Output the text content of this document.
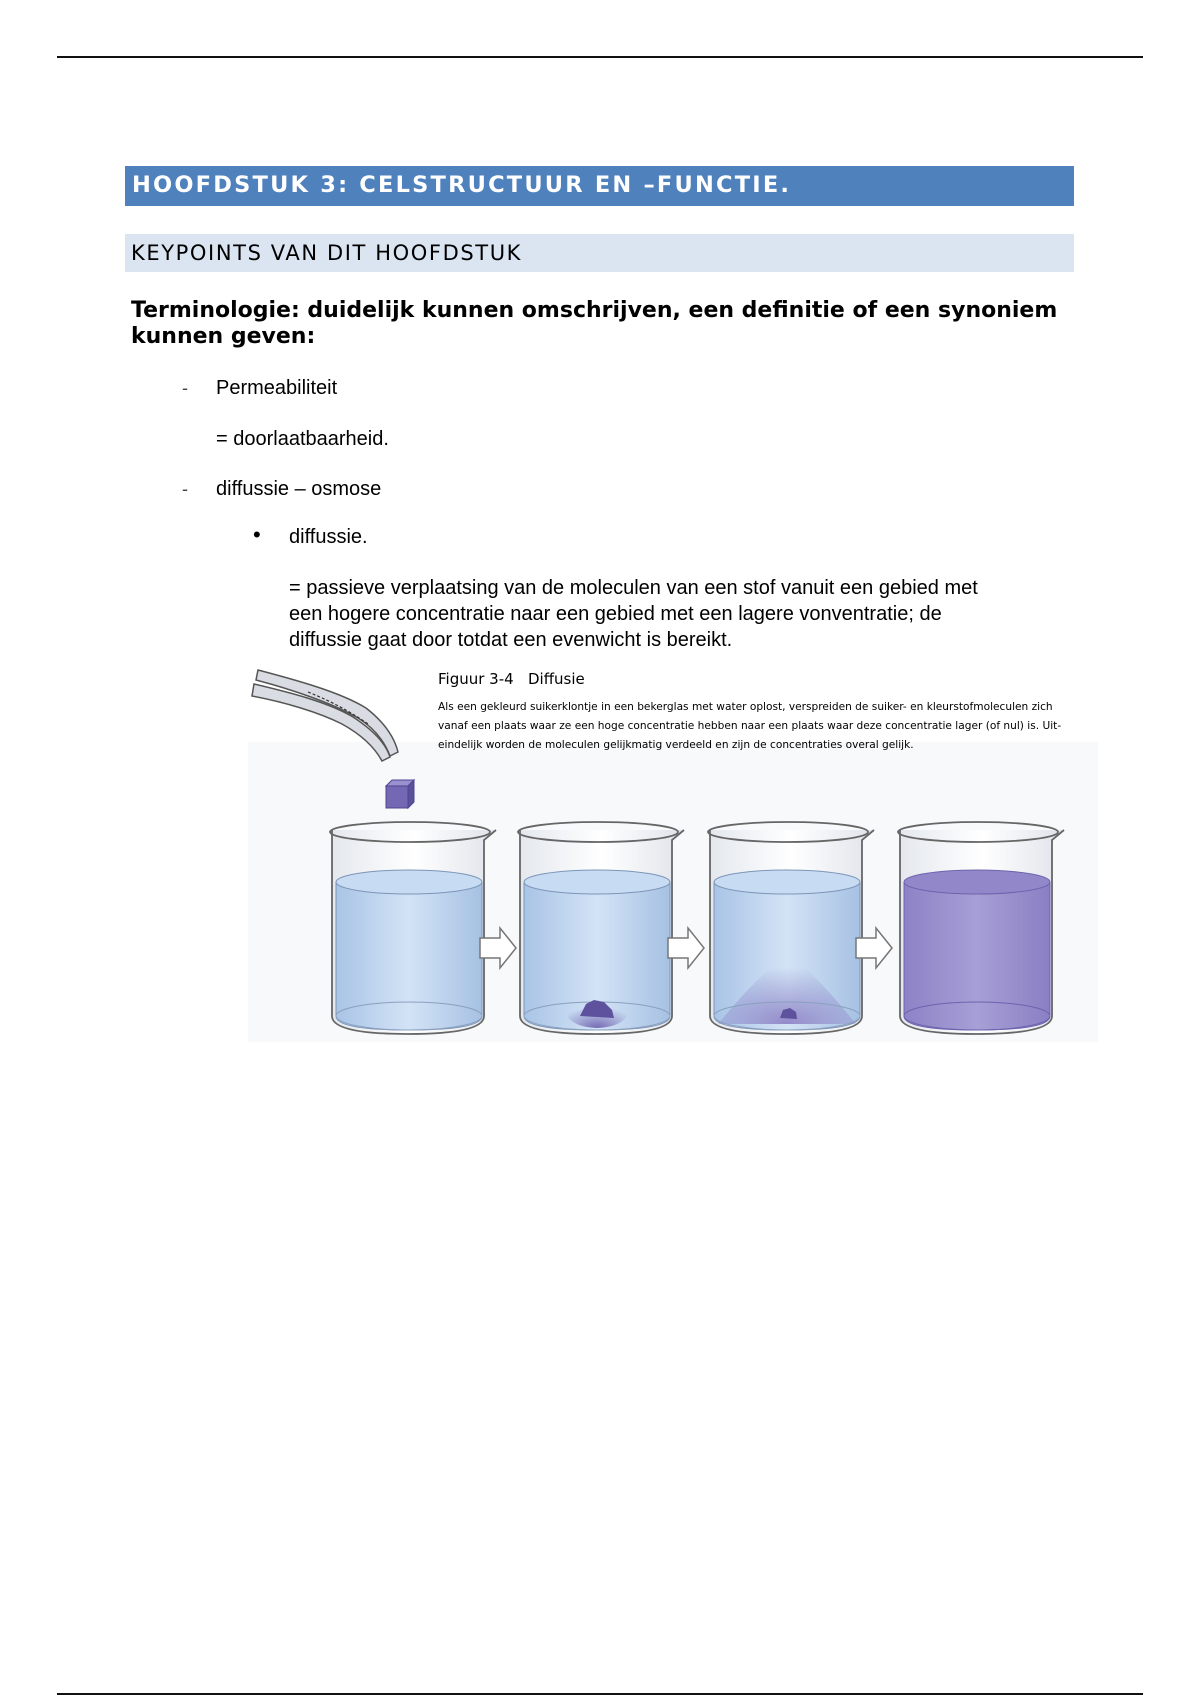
HOOFDSTUK 3: CELSTRUCTUUR EN –FUNCTIE.
KEYPOINTS VAN DIT HOOFDSTUK
Terminologie: duidelijk kunnen omschrijven, een definitie of een synoniem
kunnen geven:
- Permeabiliteit
= doorlaatbaarheid.
- diffussie – osmose
• diffussie.
= passieve verplaatsing van de moleculen van een stof vanuit een gebied met
een hogere concentratie naar een gebied met een lagere vonventratie; de
diffussie gaat door totdat een evenwicht is bereikt.
Figuur 3-4 Diffusie
Als een gekleurd suikerklontje in een bekerglas met water oplost, verspreiden de suiker- en kleurstofmoleculen zich
vanaf een plaats waar ze een hoge concentratie hebben naar een plaats waar deze concentratie lager (of nul) is. Uit-
eindelijk worden de moleculen gelijkmatig verdeeld en zijn de concentraties overal gelijk.
